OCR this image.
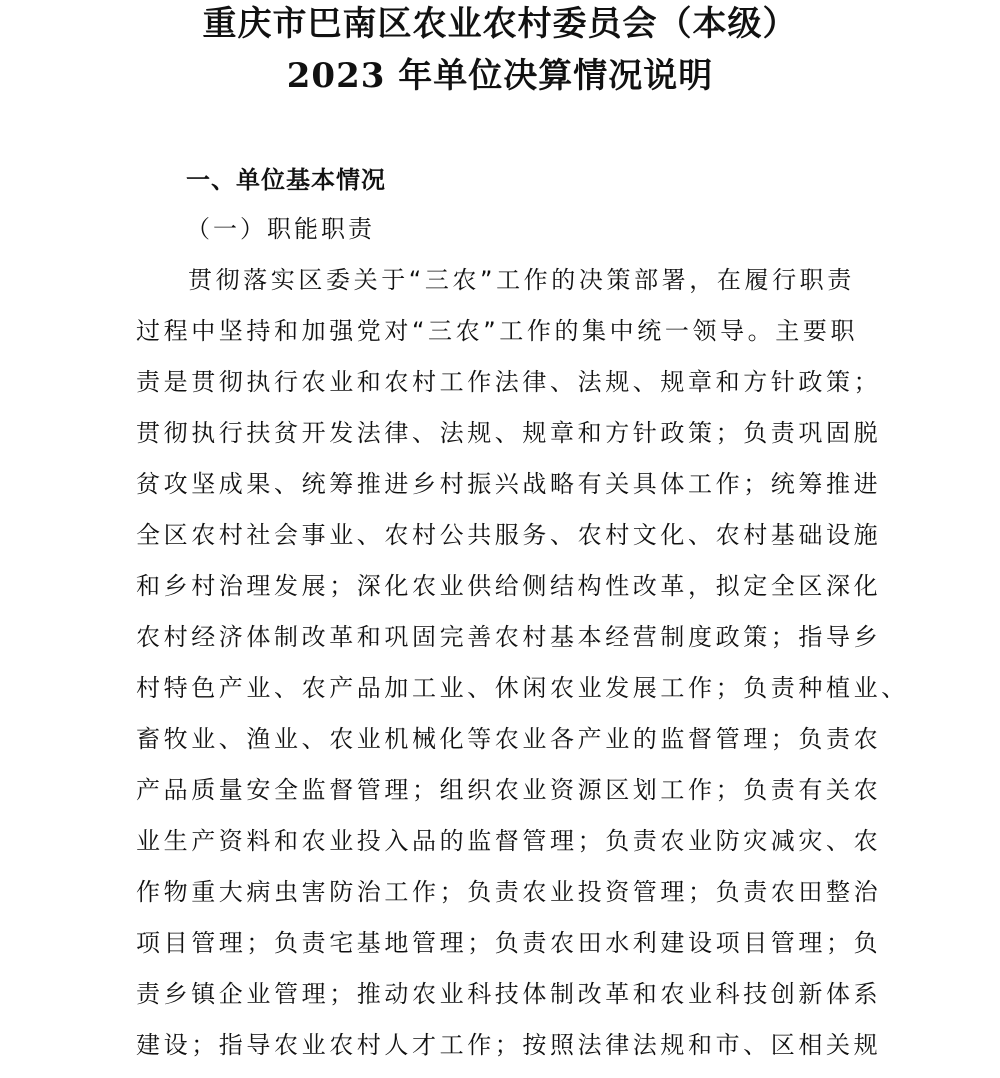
重庆市巴南区农业农村委员会（本级）
2023 年单位决算情况说明
一、单位基本情况
（一）职能职责
贯彻落实区委关于“三农”工作的决策部署，在履行职责
过程中坚持和加强党对“三农”工作的集中统一领导。主要职
责是贯彻执行农业和农村工作法律、法规、规章和方针政策；
贯彻执行扶贫开发法律、法规、规章和方针政策；负责巩固脱
贫攻坚成果、统筹推进乡村振兴战略有关具体工作；统筹推进
全区农村社会事业、农村公共服务、农村文化、农村基础设施
和乡村治理发展；深化农业供给侧结构性改革，拟定全区深化
农村经济体制改革和巩固完善农村基本经营制度政策；指导乡
村特色产业、农产品加工业、休闲农业发展工作；负责种植业、
畜牧业、渔业、农业机械化等农业各产业的监督管理；负责农
产品质量安全监督管理；组织农业资源区划工作；负责有关农
业生产资料和农业投入品的监督管理；负责农业防灾减灾、农
作物重大病虫害防治工作；负责农业投资管理；负责农田整治
项目管理；负责宅基地管理；负责农田水利建设项目管理；负
责乡镇企业管理；推动农业科技体制改革和农业科技创新体系
建设；指导农业农村人才工作；按照法律法规和市、区相关规
